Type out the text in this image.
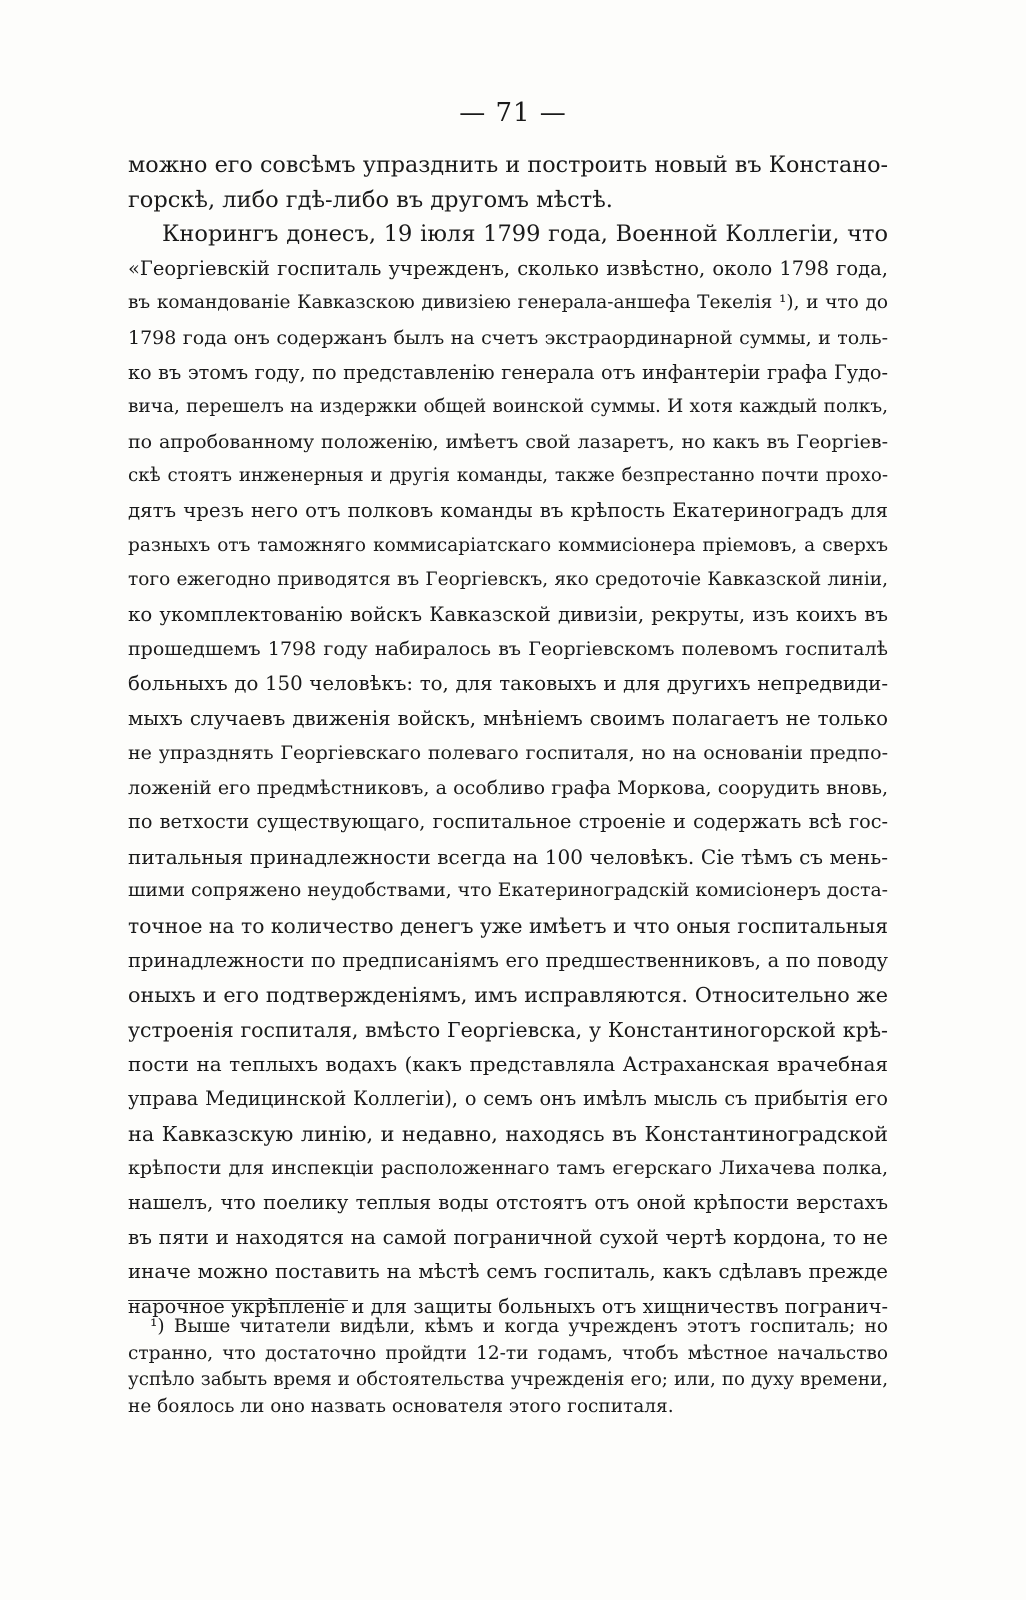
— 71 —
можно его совсѣмъ упразднить и построить новый въ Констано-
горскѣ, либо гдѣ-либо въ другомъ мѣстѣ.
Кнорингъ донесъ, 19 іюля 1799 года, Военной Коллегіи, что
«Георгіевскій госпиталь учрежденъ, сколько извѣстно, около 1798 года,
въ командованіе Кавказскою дивизіею генерала-аншефа Текелія ¹), и что до
1798 года онъ содержанъ былъ на счетъ экстраординарной суммы, и толь-
ко въ этомъ году, по представленію генерала отъ инфантеріи графа Гудо-
вича, перешелъ на издержки общей воинской суммы. И хотя каждый полкъ,
по апробованному положенію, имѣетъ свой лазаретъ, но какъ въ Георгіев-
скѣ стоятъ инженерныя и другія команды, также безпрестанно почти прохо-
дятъ чрезъ него отъ полковъ команды въ крѣпость Екатериноградъ для
разныхъ отъ таможняго коммисаріатскаго коммисіонера пріемовъ, а сверхъ
того ежегодно приводятся въ Георгіевскъ, яко средоточіе Кавказской линіи,
ко укомплектованію войскъ Кавказской дивизіи, рекруты, изъ коихъ въ
прошедшемъ 1798 году набиралось въ Георгіевскомъ полевомъ госпиталѣ
больныхъ до 150 человѣкъ: то, для таковыхъ и для другихъ непредвиди-
мыхъ случаевъ движенія войскъ, мнѣніемъ своимъ полагаетъ не только
не упразднять Георгіевскаго полеваго госпиталя, но на основаніи предпо-
ложеній его предмѣстниковъ, а особливо графа Моркова, соорудить вновь,
по ветхости существующаго, госпитальное строеніе и содержать всѣ гос-
питальныя принадлежности всегда на 100 человѣкъ. Сіе тѣмъ съ мень-
шими сопряжено неудобствами, что Екатериноградскій комисіонеръ доста-
точное на то количество денегъ уже имѣетъ и что оныя госпитальныя
принадлежности по предписаніямъ его предшественниковъ, а по поводу
оныхъ и его подтвержденіямъ, имъ исправляются. Относительно же
устроенія госпиталя, вмѣсто Георгіевска, у Константиногорской крѣ-
пости на теплыхъ водахъ (какъ представляла Астраханская врачебная
управа Медицинской Коллегіи), о семъ онъ имѣлъ мысль съ прибытія его
на Кавказскую линію, и недавно, находясь въ Константиноградской
крѣпости для инспекціи расположеннаго тамъ егерскаго Лихачева полка,
нашелъ, что поелику теплыя воды отстоятъ отъ оной крѣпости верстахъ
въ пяти и находятся на самой пограничной сухой чертѣ кордона, то не
иначе можно поставить на мѣстѣ семъ госпиталь, какъ сдѣлавъ прежде
нарочное укрѣпленіе и для защиты больныхъ отъ хищничествъ погранич-
¹) Выше читатели видѣли, кѣмъ и когда учрежденъ этотъ госпиталь; но
странно, что достаточно пройдти 12-ти годамъ, чтобъ мѣстное начальство
успѣло забыть время и обстоятельства учрежденія его; или, по духу времени,
не боялось ли оно назвать основателя этого госпиталя.
